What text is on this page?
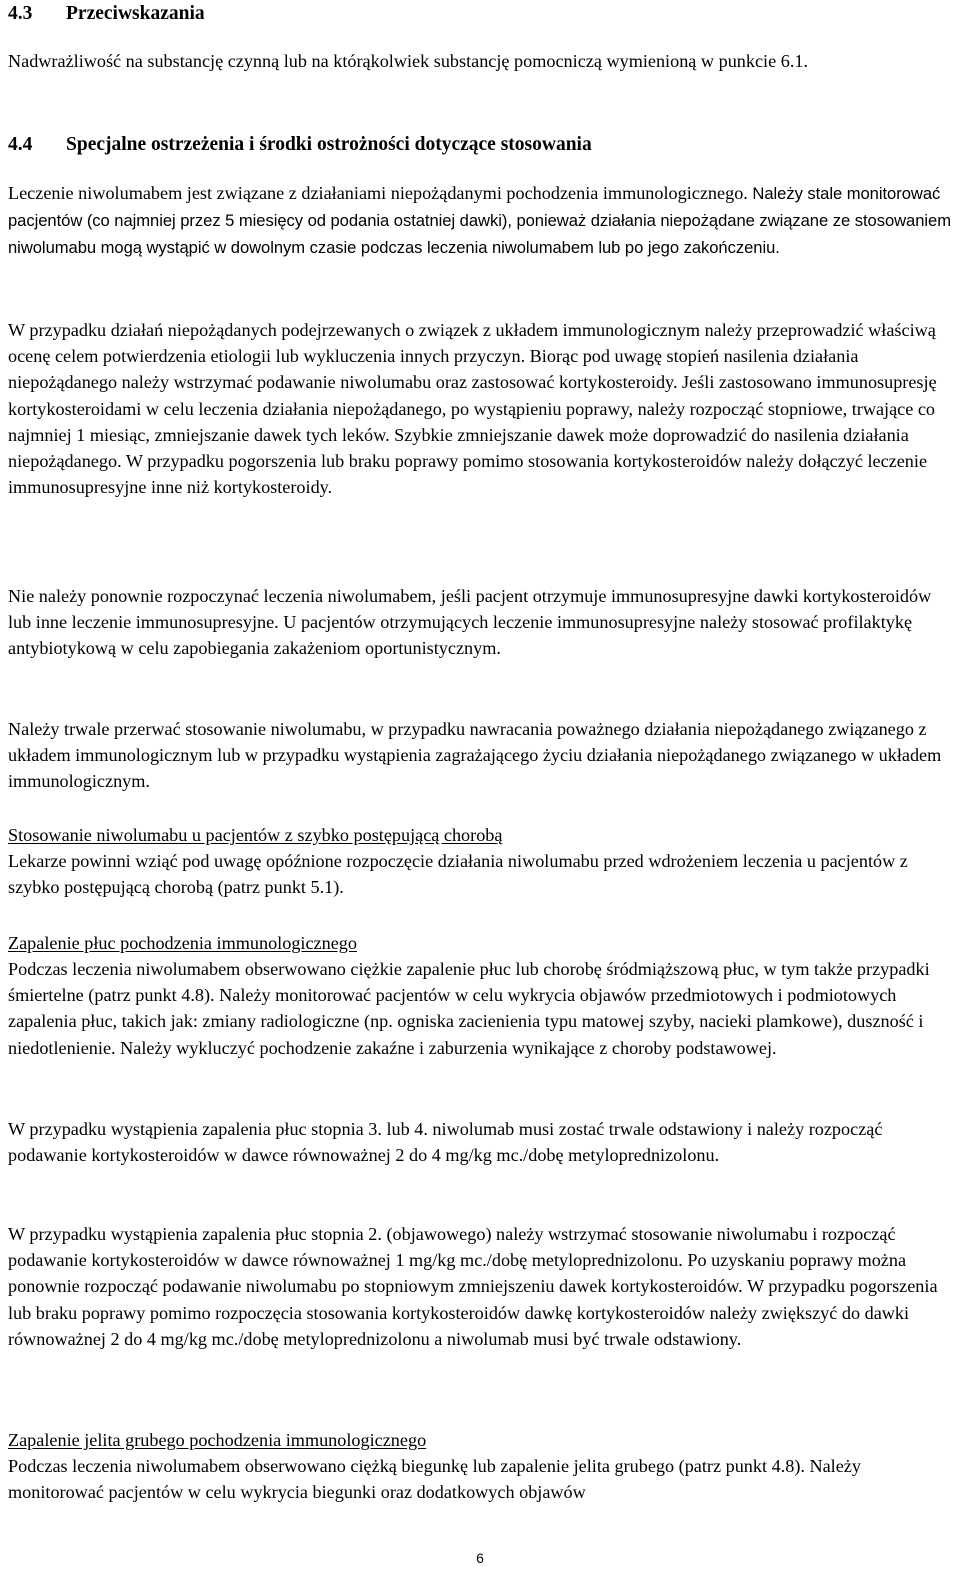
4.3 Przeciwskazania

Nadwrażliwość na substancję czynną lub na którąkolwiek substancję pomocniczą wymienioną w punkcie 6.1.

4.4 Specjalne ostrzeżenia i środki ostrożności dotyczące stosowania

Leczenie niwolumabem jest związane z działaniami niepożądanymi pochodzenia immunologicznego. Należy stale monitorować pacjentów (co najmniej przez 5 miesięcy od podania ostatniej dawki), ponieważ działania niepożądane związane ze stosowaniem niwolumabu mogą wystąpić w dowolnym czasie podczas leczenia niwolumabem lub po jego zakończeniu.

W przypadku działań niepożądanych podejrzewanych o związek z układem immunologicznym należy przeprowadzić właściwą ocenę celem potwierdzenia etiologii lub wykluczenia innych przyczyn. Biorąc pod uwagę stopień nasilenia działania niepożądanego należy wstrzymać podawanie niwolumabu oraz zastosować kortykosteroidy. Jeśli zastosowano immunosupresję kortykosteroidami w celu leczenia działania niepożądanego, po wystąpieniu poprawy, należy rozpocząć stopniowe, trwające co najmniej 1 miesiąc, zmniejszanie dawek tych leków. Szybkie zmniejszanie dawek może doprowadzić do nasilenia działania niepożądanego. W przypadku pogorszenia lub braku poprawy pomimo stosowania kortykosteroidów należy dołączyć leczenie immunosupresyjne inne niż kortykosteroidy.

Nie należy ponownie rozpoczynać leczenia niwolumabem, jeśli pacjent otrzymuje immunosupresyjne dawki kortykosteroidów lub inne leczenie immunosupresyjne. U pacjentów otrzymujących leczenie immunosupresyjne należy stosować profilaktykę antybiotykową w celu zapobiegania zakażeniom oportunistycznym.

Należy trwale przerwać stosowanie niwolumabu, w przypadku nawracania poważnego działania niepożądanego związanego z układem immunologicznym lub w przypadku wystąpienia zagrażającego życiu działania niepożądanego związanego w układem immunologicznym.

Stosowanie niwolumabu u pacjentów z szybko postępującą chorobą

Lekarze powinni wziąć pod uwagę opóźnione rozpoczęcie działania niwolumabu przed wdrożeniem leczenia u pacjentów z szybko postępującą chorobą (patrz punkt 5.1).

Zapalenie płuc pochodzenia immunologicznego

Podczas leczenia niwolumabem obserwowano ciężkie zapalenie płuc lub chorobę śródmiąższową płuc, w tym także przypadki śmiertelne (patrz punkt 4.8). Należy monitorować pacjentów w celu wykrycia objawów przedmiotowych i podmiotowych zapalenia płuc, takich jak: zmiany radiologiczne (np. ogniska zacienienia typu matowej szyby, nacieki plamkowe), duszność i niedotlenienie. Należy wykluczyć pochodzenie zakaźne i zaburzenia wynikające z choroby podstawowej.

W przypadku wystąpienia zapalenia płuc stopnia 3. lub 4. niwolumab musi zostać trwale odstawiony i należy rozpocząć podawanie kortykosteroidów w dawce równoważnej 2 do 4 mg/kg mc./dobę metyloprednizolonu.

W przypadku wystąpienia zapalenia płuc stopnia 2. (objawowego) należy wstrzymać stosowanie niwolumabu i rozpocząć podawanie kortykosteroidów w dawce równoważnej 1 mg/kg mc./dobę metyloprednizolonu. Po uzyskaniu poprawy można ponownie rozpocząć podawanie niwolumabu po stopniowym zmniejszeniu dawek kortykosteroidów. W przypadku pogorszenia lub braku poprawy pomimo rozpoczęcia stosowania kortykosteroidów dawkę kortykosteroidów należy zwiększyć do dawki równoważnej 2 do 4 mg/kg mc./dobę metyloprednizolonu a niwolumab musi być trwale odstawiony.

Zapalenie jelita grubego pochodzenia immunologicznego

Podczas leczenia niwolumabem obserwowano ciężką biegunkę lub zapalenie jelita grubego (patrz punkt 4.8). Należy monitorować pacjentów w celu wykrycia biegunki oraz dodatkowych objawów

6
